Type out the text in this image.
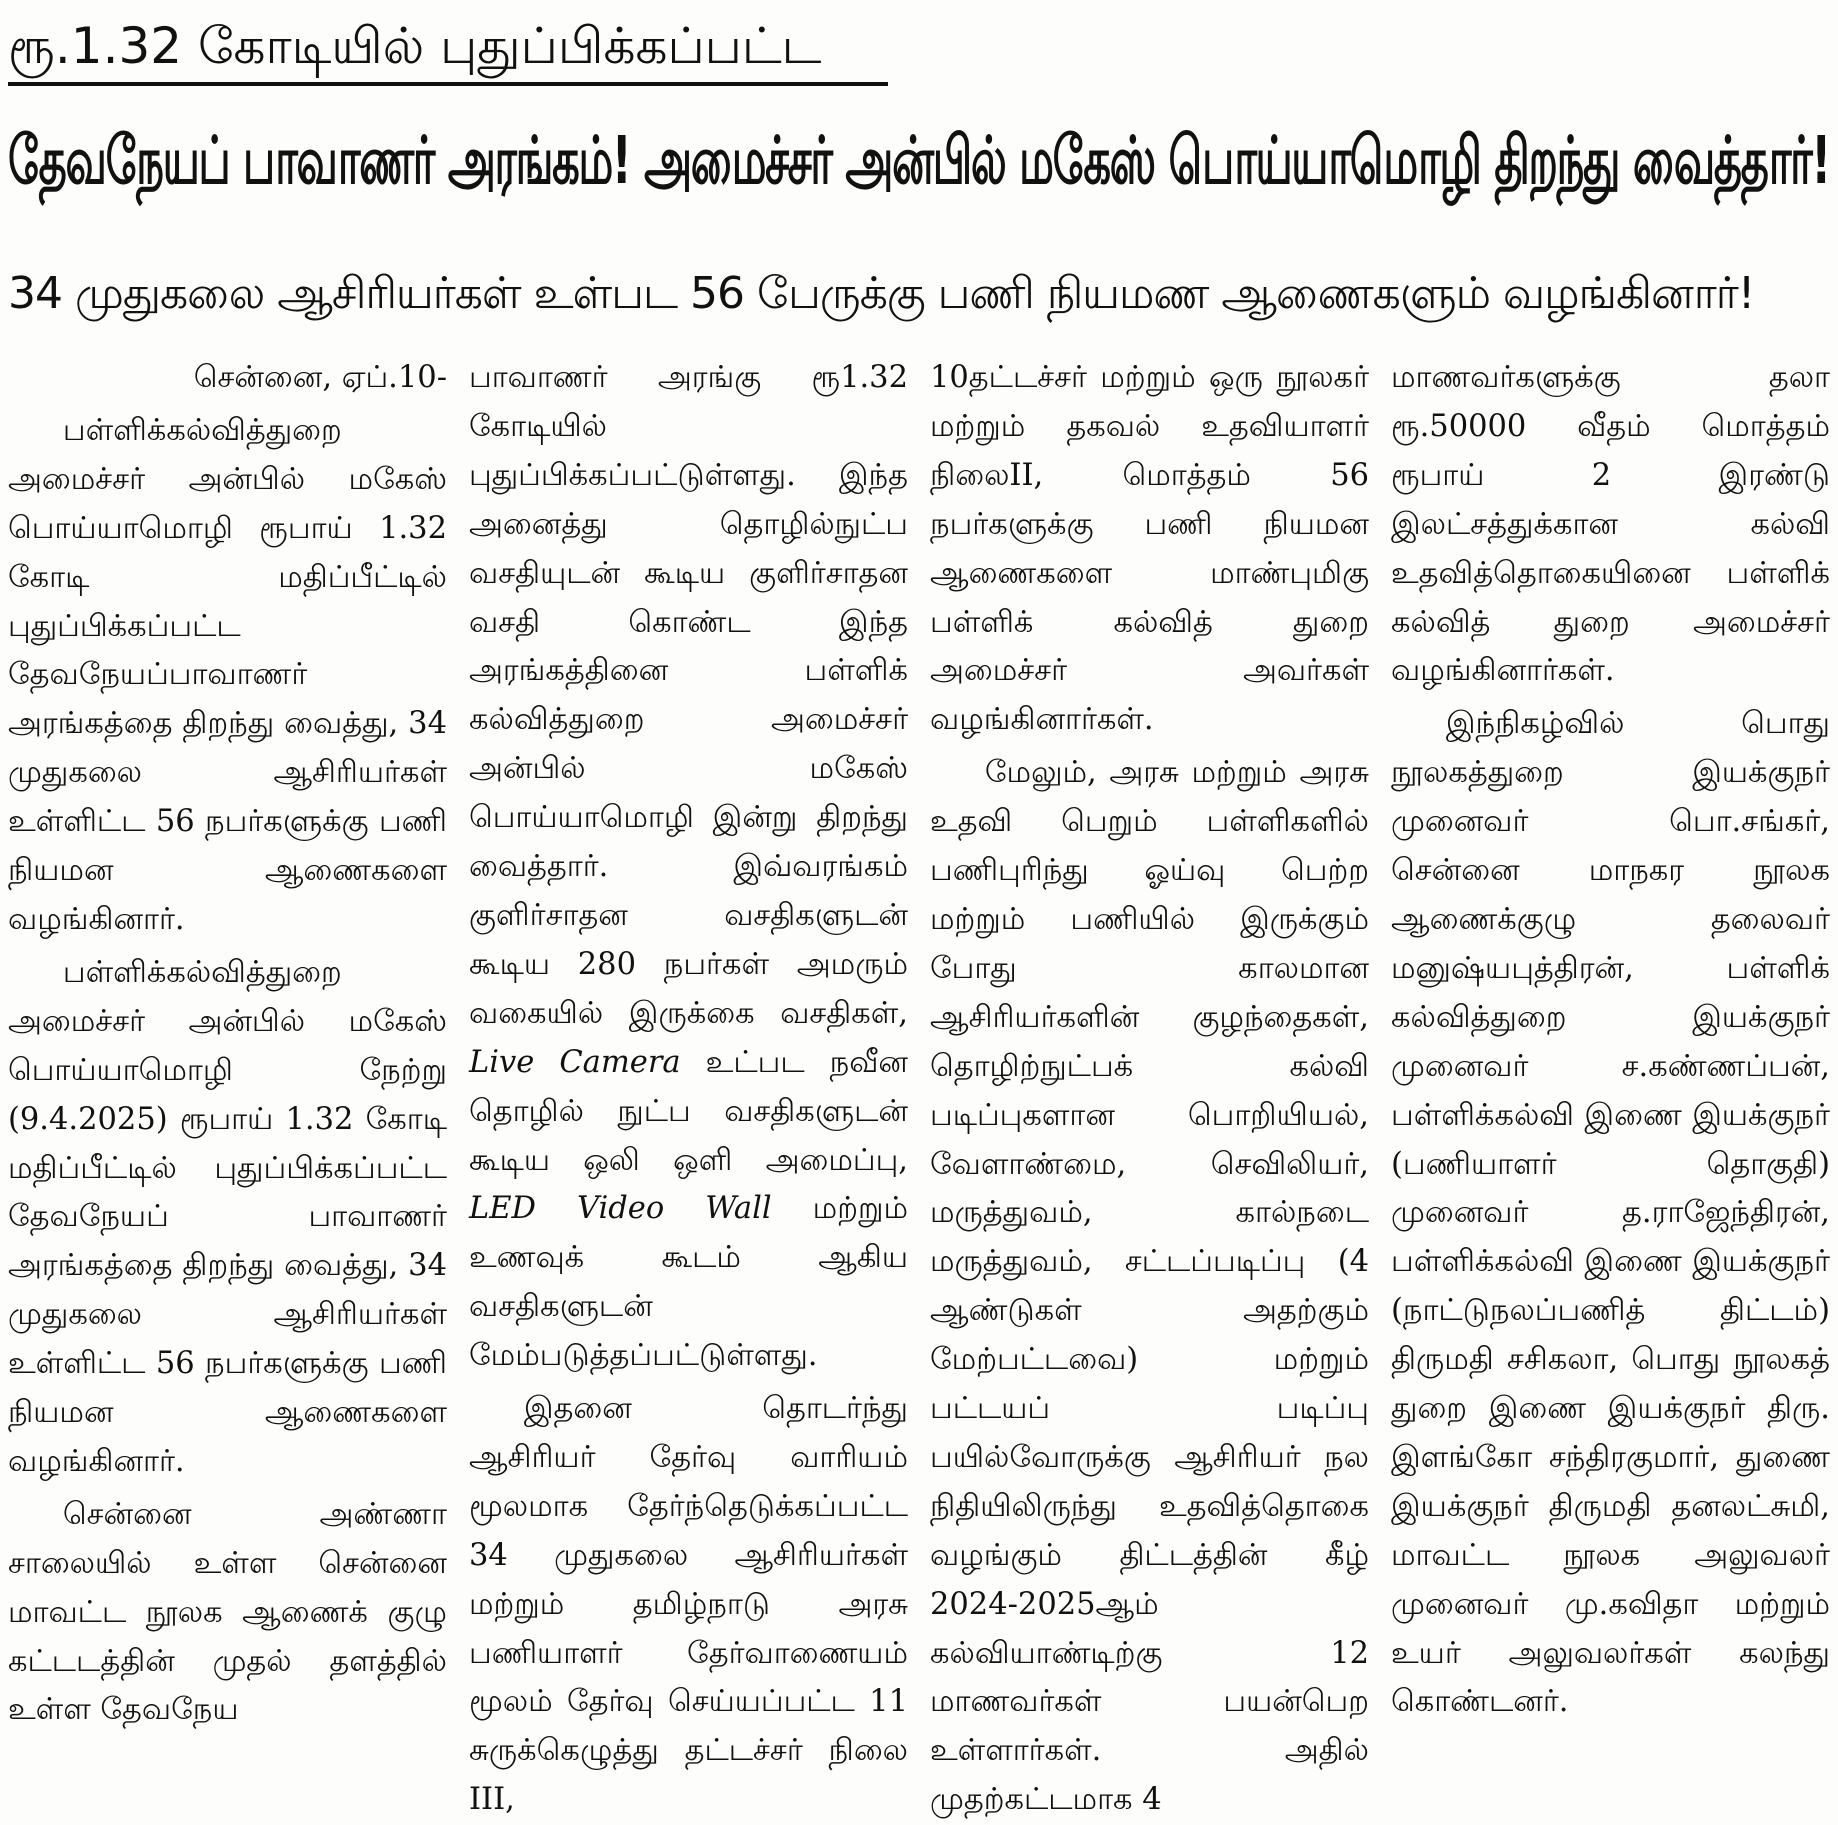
ரூ.1.32 கோடியில் புதுப்பிக்கப்பட்ட
தேவநேயப் பாவாணர் அரங்கம்! அமைச்சர் அன்பில் மகேஸ் பொய்யாமொழி திறந்து வைத்தார்!
34 முதுகலை ஆசிரியர்கள் உள்பட 56 பேருக்கு பணி நியமண ஆணைகளும் வழங்கினார்!

சென்னை, ஏப்.10-

பள்ளிக்கல்வித்துறை அமைச்சர் அன்பில் மகேஸ் பொய்யாமொழி ரூபாய் 1.32 கோடி மதிப்பீட்டில் புதுப்பிக்கப்பட்ட தேவநேயப்பாவாணர் அரங்கத்தை திறந்து வைத்து, 34 முதுகலை ஆசிரியர்கள் உள்ளிட்ட 56 நபர்களுக்கு பணி நியமன ஆணைகளை வழங்கினார்.

பள்ளிக்கல்வித்துறை அமைச்சர் அன்பில் மகேஸ் பொய்யாமொழி நேற்று (9.4.2025) ரூபாய் 1.32 கோடி மதிப்பீட்டில் புதுப்பிக்கப்பட்ட தேவநேயப் பாவாணர் அரங்கத்தை திறந்து வைத்து, 34 முதுகலை ஆசிரியர்கள் உள்ளிட்ட 56 நபர்களுக்கு பணி நியமன ஆணைகளை வழங்கினார்.

சென்னை அண்ணா சாலையில் உள்ள சென்னை மாவட்ட நூலக ஆணைக் குழு கட்டடத்தின் முதல் தளத்தில் உள்ள தேவநேய

பாவாணர் அரங்கு ரூ1.32 கோடியில் புதுப்பிக்கப்பட்டுள்ளது. இந்த அனைத்து தொழில்நுட்ப வசதியுடன் கூடிய குளிர்சாதன வசதி கொண்ட இந்த அரங்கத்தினை பள்ளிக் கல்வித்துறை அமைச்சர் அன்பில் மகேஸ் பொய்யாமொழி இன்று திறந்து வைத்தார். இவ்வரங்கம் குளிர்சாதன வசதிகளுடன் கூடிய 280 நபர்கள் அமரும் வகையில் இருக்கை வசதிகள், Live Camera உட்பட நவீன தொழில் நுட்ப வசதிகளுடன் கூடிய ஒலி ஒளி அமைப்பு, LED Video Wall மற்றும் உணவுக் கூடம் ஆகிய வசதிகளுடன் மேம்படுத்தப்பட்டுள்ளது.

இதனை தொடர்ந்து ஆசிரியர் தேர்வு வாரியம் மூலமாக தேர்ந்தெடுக்கப்பட்ட 34 முதுகலை ஆசிரியர்கள் மற்றும் தமிழ்நாடு அரசு பணியாளர் தேர்வாணையம் மூலம் தேர்வு செய்யப்பட்ட 11 சுருக்கெழுத்து தட்டச்சர் நிலை III,

10தட்டச்சர் மற்றும் ஒரு நூலகர் மற்றும் தகவல் உதவியாளர் நிலைII, மொத்தம் 56 நபர்களுக்கு பணி நியமன ஆணைகளை மாண்புமிகு பள்ளிக் கல்வித் துறை அமைச்சர் அவர்கள் வழங்கினார்கள்.

மேலும், அரசு மற்றும் அரசு உதவி பெறும் பள்ளிகளில் பணிபுரிந்து ஓய்வு பெற்ற மற்றும் பணியில் இருக்கும் போது காலமான ஆசிரியர்களின் குழந்தைகள், தொழிற்நுட்பக் கல்வி படிப்புகளான பொறியியல், வேளாண்மை, செவிலியர், மருத்துவம், கால்நடை மருத்துவம், சட்டப்படிப்பு (4 ஆண்டுகள் அதற்கும் மேற்பட்டவை) மற்றும் பட்டயப் படிப்பு பயில்வோருக்கு ஆசிரியர் நல நிதியிலிருந்து உதவித்தொகை வழங்கும் திட்டத்தின் கீழ் 2024-2025ஆம் கல்வியாண்டிற்கு 12 மாணவர்கள் பயன்பெற உள்ளார்கள். அதில் முதற்கட்டமாக 4

மாணவர்களுக்கு தலா ரூ.50000 வீதம் மொத்தம் ரூபாய் 2 இரண்டு இலட்சத்துக்கான கல்வி உதவித்தொகையினை பள்ளிக் கல்வித் துறை அமைச்சர் வழங்கினார்கள்.

இந்நிகழ்வில் பொது நூலகத்துறை இயக்குநர் முனைவர் பொ.சங்கர், சென்னை மாநகர நூலக ஆணைக்குழு தலைவர் மனுஷ்யபுத்திரன், பள்ளிக் கல்வித்துறை இயக்குநர் முனைவர் ச.கண்ணப்பன், பள்ளிக்கல்வி இணை இயக்குநர் (பணியாளர் தொகுதி) முனைவர் த.ராஜேந்திரன், பள்ளிக்கல்வி இணை இயக்குநர் (நாட்டுநலப்பணித் திட்டம்) திருமதி சசிகலா, பொது நூலகத் துறை இணை இயக்குநர் திரு. இளங்கோ சந்திரகுமார், துணை இயக்குநர் திருமதி தனலட்சுமி, மாவட்ட நூலக அலுவலர் முனைவர் மு.கவிதா மற்றும் உயர் அலுவலர்கள் கலந்து கொண்டனர்.
